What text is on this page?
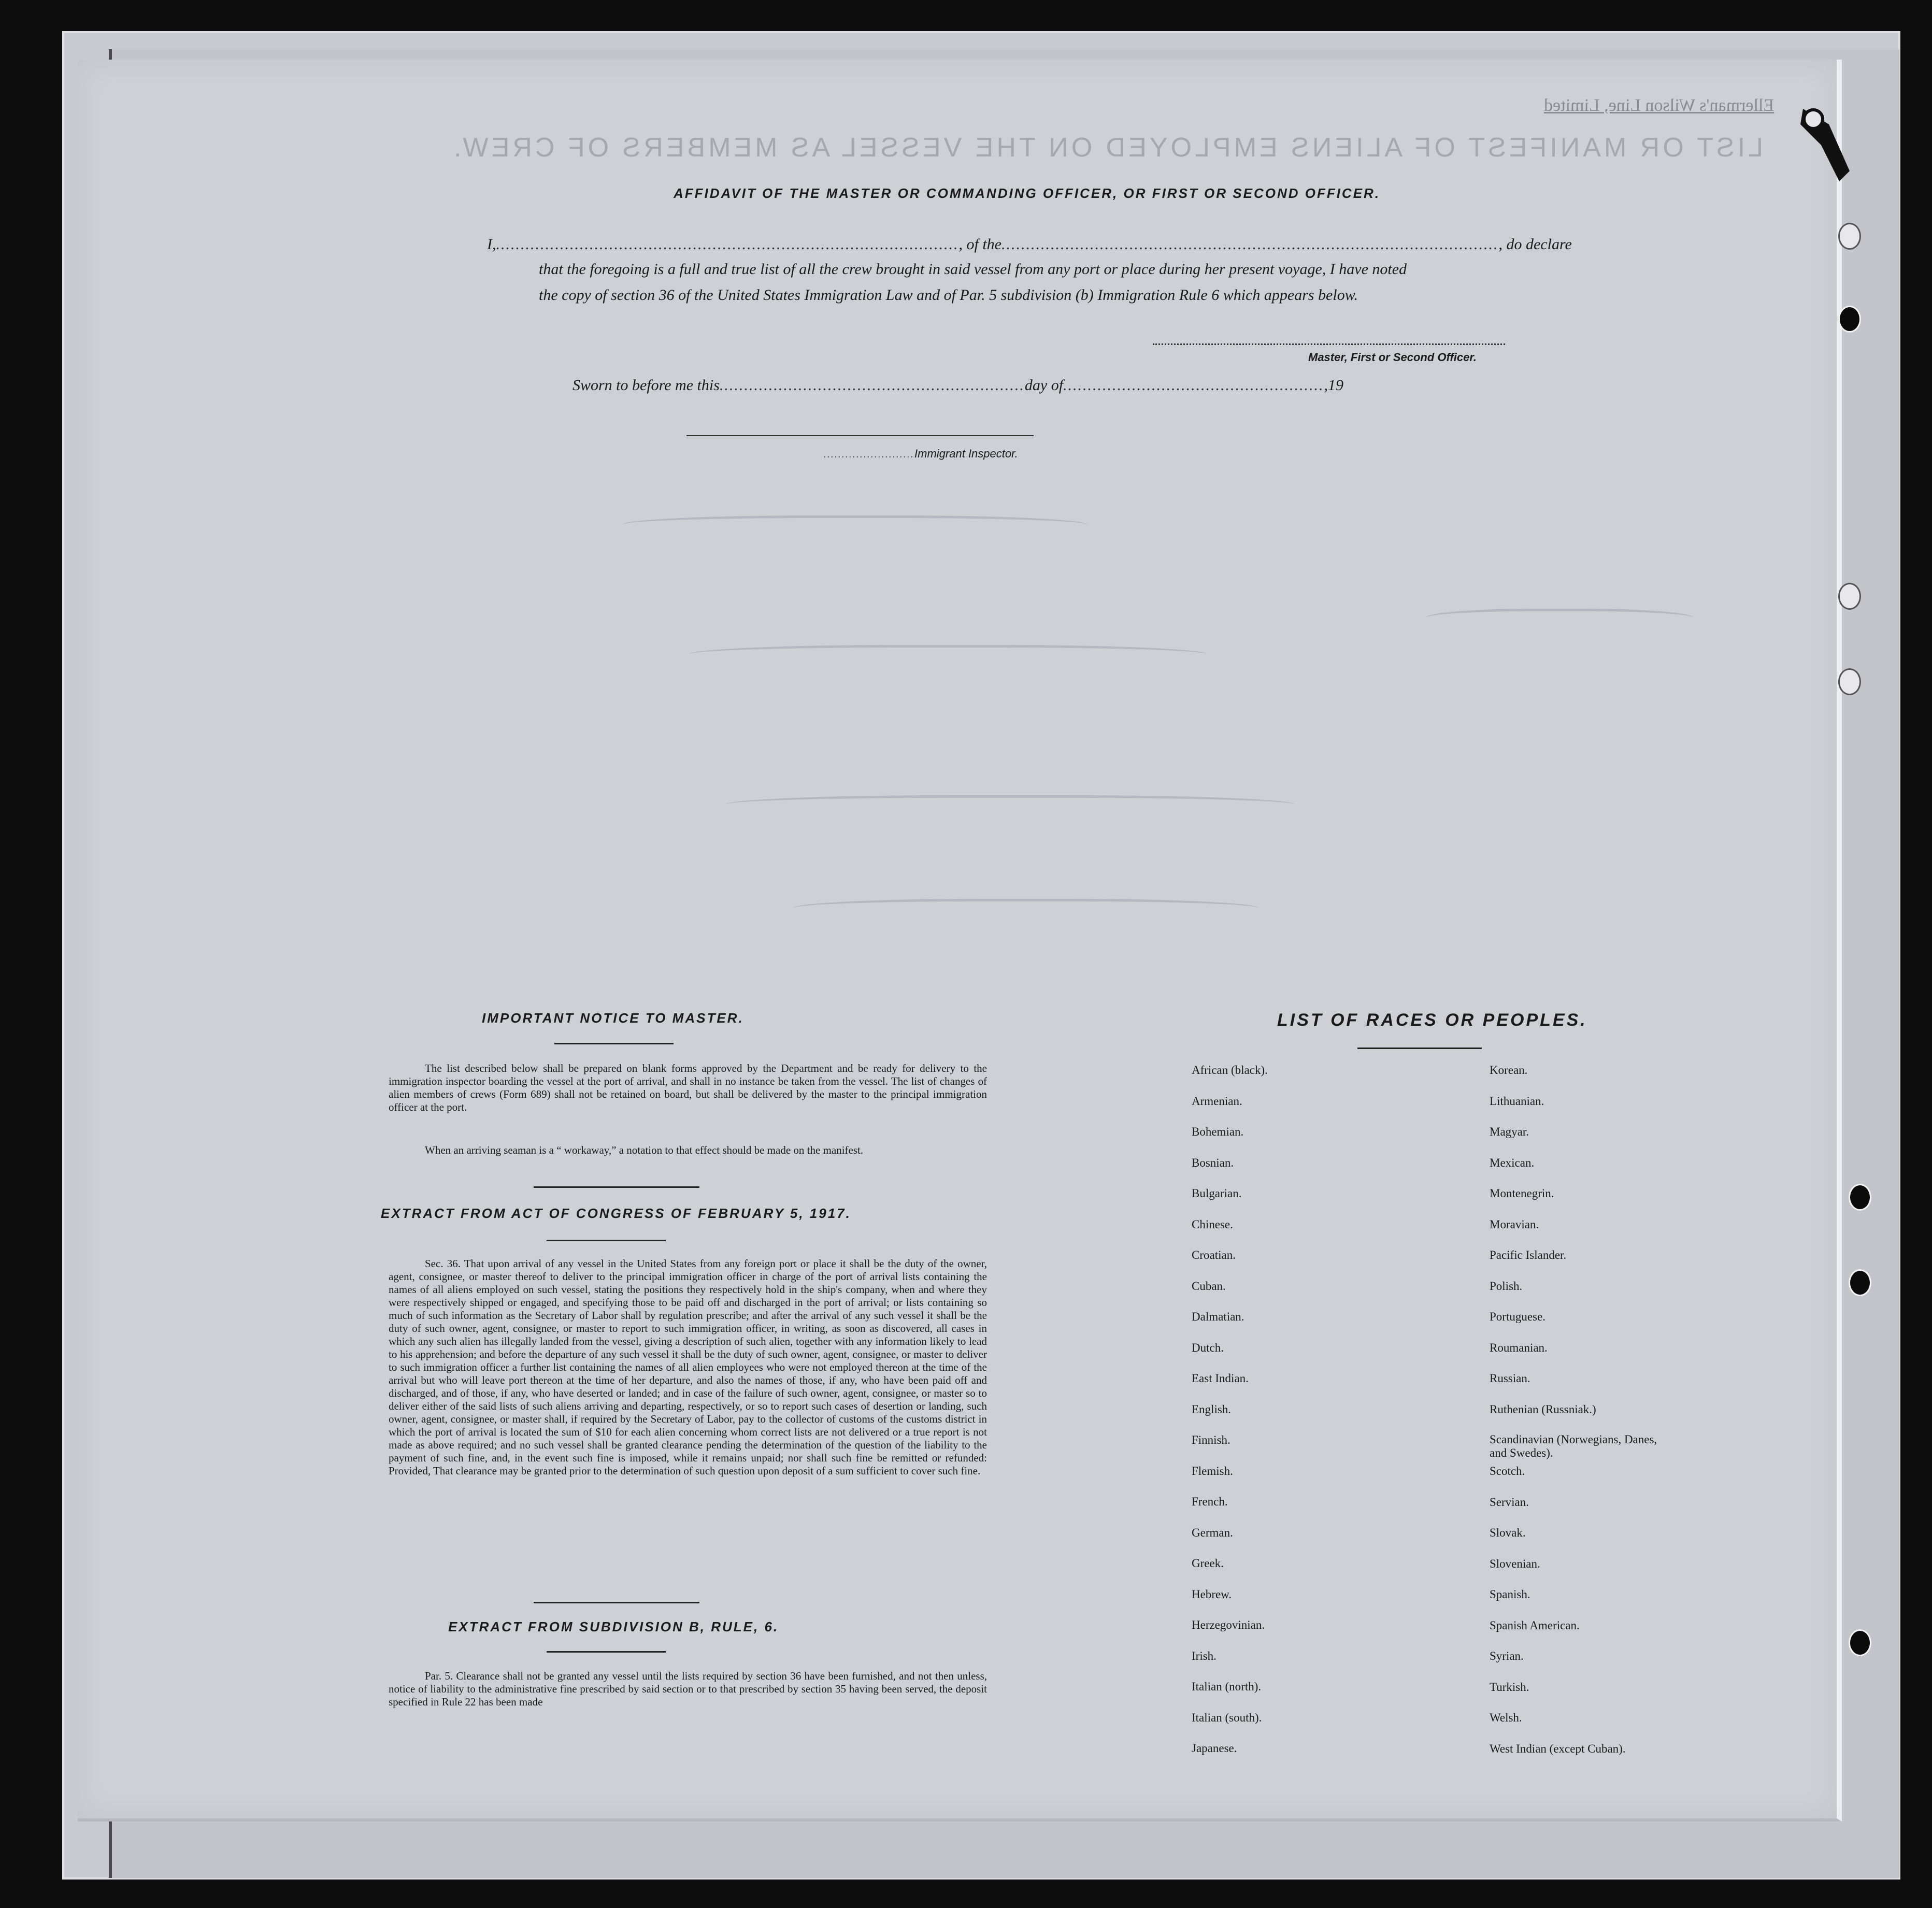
LIST OR MANIFEST OF ALIENS EMPLOYED ON THE VESSEL AS MEMBERS OF CREW.
Ellerman's Wilson Line, Limited
AFFIDAVIT OF THE MASTER OR COMMANDING OFFICER, OR FIRST OR SECOND OFFICER.
I,.............................................................................................., of the....................................................................................................., do declare
that the foregoing is a full and true list of all the crew brought in said vessel from any port or place during her present voyage, I have noted
the copy of section 36 of the United States Immigration Law and of Par. 5 subdivision (b) Immigration Rule 6 which appears below.
Master, First or Second Officer.
Sworn to before me this..............................................................day of.....................................................,19
.........................Immigrant Inspector.
IMPORTANT NOTICE TO MASTER.
The list described below shall be prepared on blank forms approved by the Department and be ready for delivery to the immigration inspector boarding the vessel at the port of arrival, and shall in no instance be taken from the vessel. The list of changes of alien members of crews (Form 689) shall not be retained on board, but shall be delivered by the master to the principal immigration officer at the port.
When an arriving seaman is a “ workaway,” a notation to that effect should be made on the manifest.
EXTRACT FROM ACT OF CONGRESS OF FEBRUARY 5, 1917.
Sec. 36. That upon arrival of any vessel in the United States from any foreign port or place it shall be the duty of the owner, agent, consignee, or master thereof to deliver to the principal immigration officer in charge of the port of arrival lists containing the names of all aliens employed on such vessel, stating the positions they respectively hold in the ship's company, when and where they were respectively shipped or engaged, and specifying those to be paid off and discharged in the port of arrival; or lists containing so much of such information as the Secretary of Labor shall by regulation prescribe; and after the arrival of any such vessel it shall be the duty of such owner, agent, consignee, or master to report to such immigration officer, in writing, as soon as discovered, all cases in which any such alien has illegally landed from the vessel, giving a description of such alien, together with any information likely to lead to his apprehension; and before the departure of any such vessel it shall be the duty of such owner, agent, consignee, or master to deliver to such immigration officer a further list containing the names of all alien employees who were not employed thereon at the time of the arrival but who will leave port thereon at the time of her departure, and also the names of those, if any, who have been paid off and discharged, and of those, if any, who have deserted or landed; and in case of the failure of such owner, agent, consignee, or master so to deliver either of the said lists of such aliens arriving and departing, respectively, or so to report such cases of desertion or landing, such owner, agent, consignee, or master shall, if required by the Secretary of Labor, pay to the collector of customs of the customs district in which the port of arrival is located the sum of $10 for each alien concerning whom correct lists are not delivered or a true report is not made as above required; and no such vessel shall be granted clearance pending the determination of the question of the liability to the payment of such fine, and, in the event such fine is imposed, while it remains unpaid; nor shall such fine be remitted or refunded: Provided, That clearance may be granted prior to the determination of such question upon deposit of a sum sufficient to cover such fine.
EXTRACT FROM SUBDIVISION B, RULE, 6.
Par. 5. Clearance shall not be granted any vessel until the lists required by section 36 have been furnished, and not then unless, notice of liability to the administrative fine prescribed by said section or to that prescribed by section 35 having been served, the deposit specified in Rule 22 has been made
LIST OF RACES OR PEOPLES.
African (black).
Armenian.
Bohemian.
Bosnian.
Bulgarian.
Chinese.
Croatian.
Cuban.
Dalmatian.
Dutch.
East Indian.
English.
Finnish.
Flemish.
French.
German.
Greek.
Hebrew.
Herzegovinian.
Irish.
Italian (north).
Italian (south).
Japanese.
Korean.
Lithuanian.
Magyar.
Mexican.
Montenegrin.
Moravian.
Pacific Islander.
Polish.
Portuguese.
Roumanian.
Russian.
Ruthenian (Russniak.)
Scandinavian (Norwegians, Danes, and Swedes).
Scotch.
Servian.
Slovak.
Slovenian.
Spanish.
Spanish American.
Syrian.
Turkish.
Welsh.
West Indian (except Cuban).
